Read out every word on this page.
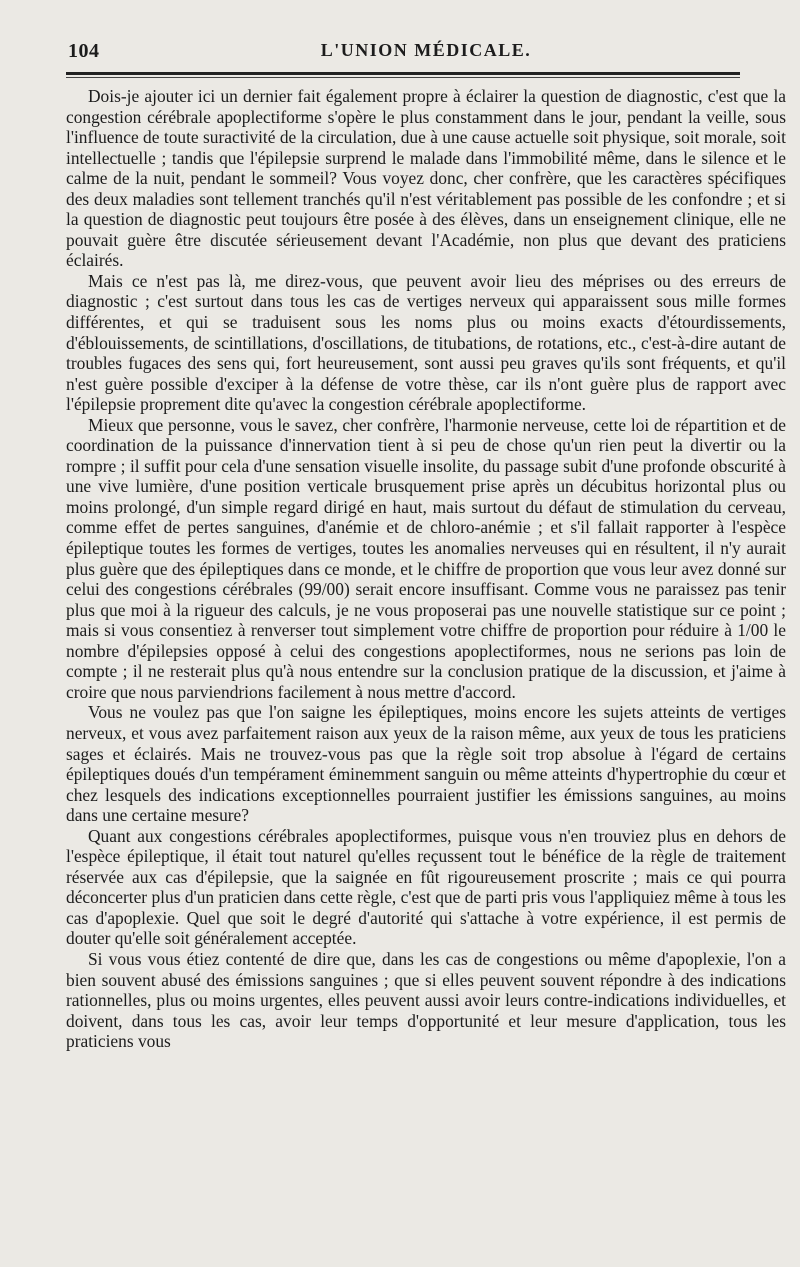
104	L'UNION MÉDICALE.

Dois-je ajouter ici un dernier fait également propre à éclairer la question de diagnostic, c'est que la congestion cérébrale apoplectiforme s'opère le plus constamment dans le jour, pendant la veille, sous l'influence de toute suractivité de la circulation, due à une cause actuelle soit physique, soit morale, soit intellectuelle ; tandis que l'épilepsie surprend le malade dans l'immobilité même, dans le silence et le calme de la nuit, pendant le sommeil? Vous voyez donc, cher confrère, que les caractères spécifiques des deux maladies sont tellement tranchés qu'il n'est véritablement pas possible de les confondre ; et si la question de diagnostic peut toujours être posée à des élèves, dans un enseignement clinique, elle ne pouvait guère être discutée sérieusement devant l'Académie, non plus que devant des praticiens éclairés.

Mais ce n'est pas là, me direz-vous, que peuvent avoir lieu des méprises ou des erreurs de diagnostic ; c'est surtout dans tous les cas de vertiges nerveux qui apparaissent sous mille formes différentes, et qui se traduisent sous les noms plus ou moins exacts d'étourdissements, d'éblouissements, de scintillations, d'oscillations, de titubations, de rotations, etc., c'est-à-dire autant de troubles fugaces des sens qui, fort heureusement, sont aussi peu graves qu'ils sont fréquents, et qu'il n'est guère possible d'exciper à la défense de votre thèse, car ils n'ont guère plus de rapport avec l'épilepsie proprement dite qu'avec la congestion cérébrale apoplectiforme.

Mieux que personne, vous le savez, cher confrère, l'harmonie nerveuse, cette loi de répartition et de coordination de la puissance d'innervation tient à si peu de chose qu'un rien peut la divertir ou la rompre ; il suffit pour cela d'une sensation visuelle insolite, du passage subit d'une profonde obscurité à une vive lumière, d'une position verticale brusquement prise après un décubitus horizontal plus ou moins prolongé, d'un simple regard dirigé en haut, mais surtout du défaut de stimulation du cerveau, comme effet de pertes sanguines, d'anémie et de chloro-anémie ; et s'il fallait rapporter à l'espèce épileptique toutes les formes de vertiges, toutes les anomalies nerveuses qui en résultent, il n'y aurait plus guère que des épileptiques dans ce monde, et le chiffre de proportion que vous leur avez donné sur celui des congestions cérébrales (99/00) serait encore insuffisant. Comme vous ne paraissez pas tenir plus que moi à la rigueur des calculs, je ne vous proposerai pas une nouvelle statistique sur ce point ; mais si vous consentiez à renverser tout simplement votre chiffre de proportion pour réduire à 1/00 le nombre d'épilepsies opposé à celui des congestions apoplectiformes, nous ne serions pas loin de compte ; il ne resterait plus qu'à nous entendre sur la conclusion pratique de la discussion, et j'aime à croire que nous parviendrions facilement à nous mettre d'accord.

Vous ne voulez pas que l'on saigne les épileptiques, moins encore les sujets atteints de vertiges nerveux, et vous avez parfaitement raison aux yeux de la raison même, aux yeux de tous les praticiens sages et éclairés. Mais ne trouvez-vous pas que la règle soit trop absolue à l'égard de certains épileptiques doués d'un tempérament éminemment sanguin ou même atteints d'hypertrophie du cœur et chez lesquels des indications exceptionnelles pourraient justifier les émissions sanguines, au moins dans une certaine mesure?

Quant aux congestions cérébrales apoplectiformes, puisque vous n'en trouviez plus en dehors de l'espèce épileptique, il était tout naturel qu'elles reçussent tout le bénéfice de la règle de traitement réservée aux cas d'épilepsie, que la saignée en fût rigoureusement proscrite ; mais ce qui pourra déconcerter plus d'un praticien dans cette règle, c'est que de parti pris vous l'appliquiez même à tous les cas d'apoplexie. Quel que soit le degré d'autorité qui s'attache à votre expérience, il est permis de douter qu'elle soit généralement acceptée.

Si vous vous étiez contenté de dire que, dans les cas de congestions ou même d'apoplexie, l'on a bien souvent abusé des émissions sanguines ; que si elles peuvent souvent répondre à des indications rationnelles, plus ou moins urgentes, elles peuvent aussi avoir leurs contre-indications individuelles, et doivent, dans tous les cas, avoir leur temps d'opportunité et leur mesure d'application, tous les praticiens vous
